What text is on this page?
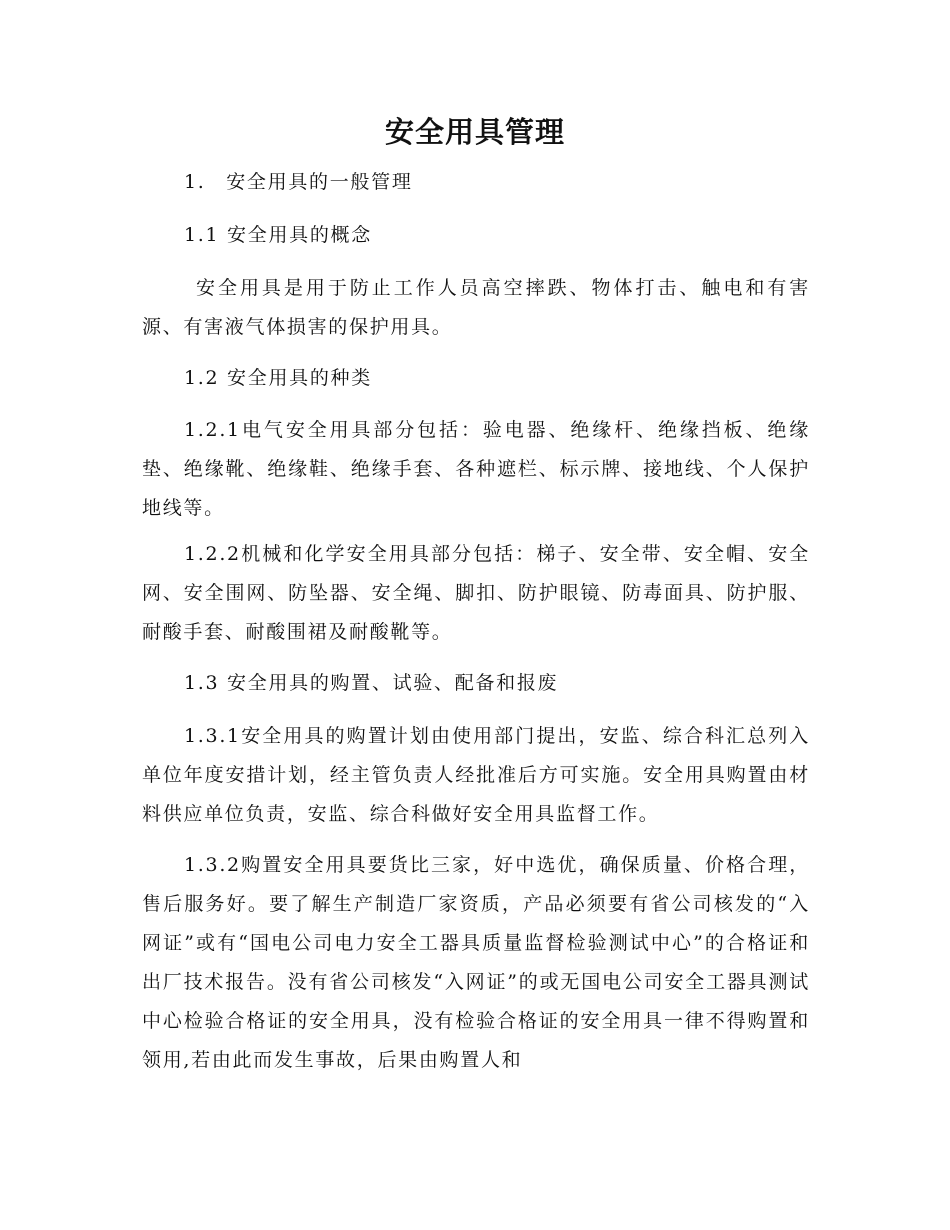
安全用具管理

1.　安全用具的一般管理

1.1 安全用具的概念

安全用具是用于防止工作人员高空摔跌、物体打击、触电和有害源、有害液气体损害的保护用具。

1.2 安全用具的种类

1.2.1电气安全用具部分包括：验电器、绝缘杆、绝缘挡板、绝缘垫、绝缘靴、绝缘鞋、绝缘手套、各种遮栏、标示牌、接地线、个人保护地线等。

1.2.2机械和化学安全用具部分包括：梯子、安全带、安全帽、安全网、安全围网、防坠器、安全绳、脚扣、防护眼镜、防毒面具、防护服、耐酸手套、耐酸围裙及耐酸靴等。

1.3 安全用具的购置、试验、配备和报废

1.3.1安全用具的购置计划由使用部门提出，安监、综合科汇总列入单位年度安措计划，经主管负责人经批准后方可实施。安全用具购置由材料供应单位负责，安监、综合科做好安全用具监督工作。

1.3.2购置安全用具要货比三家，好中选优，确保质量、价格合理，售后服务好。要了解生产制造厂家资质，产品必须要有省公司核发的“入网证”或有“国电公司电力安全工器具质量监督检验测试中心”的合格证和出厂技术报告。没有省公司核发“入网证”的或无国电公司安全工器具测试中心检验合格证的安全用具，没有检验合格证的安全用具一律不得购置和领用,若由此而发生事故，后果由购置人和
